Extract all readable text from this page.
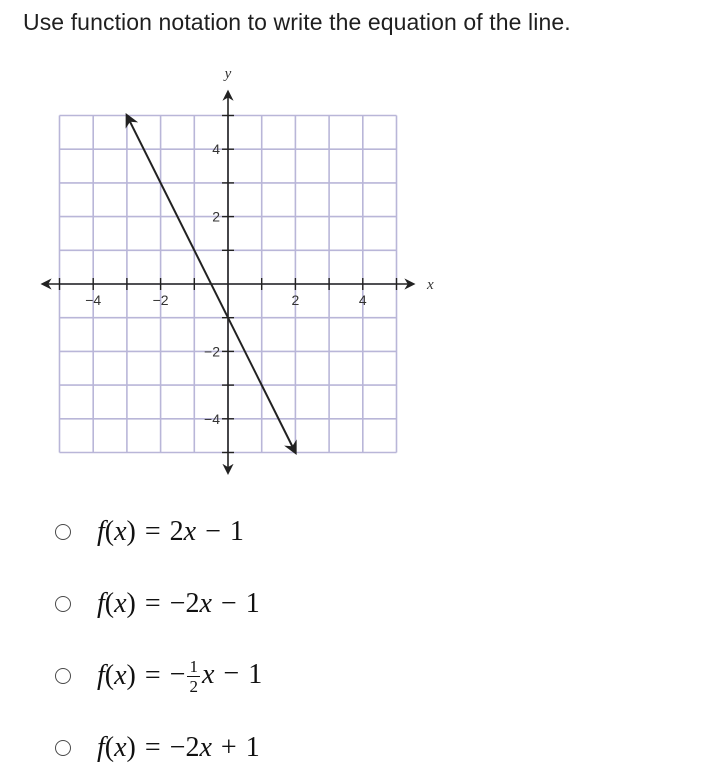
Use function notation to write the equation of the line.
−4	−2	2	4
4
2
−2
−4
x
y
f ( x ) = 2x − 1
f ( x ) = −2x − 1
f ( x ) = − $\frac{1}{2}$ x − 1
f ( x ) = −2x + 1
